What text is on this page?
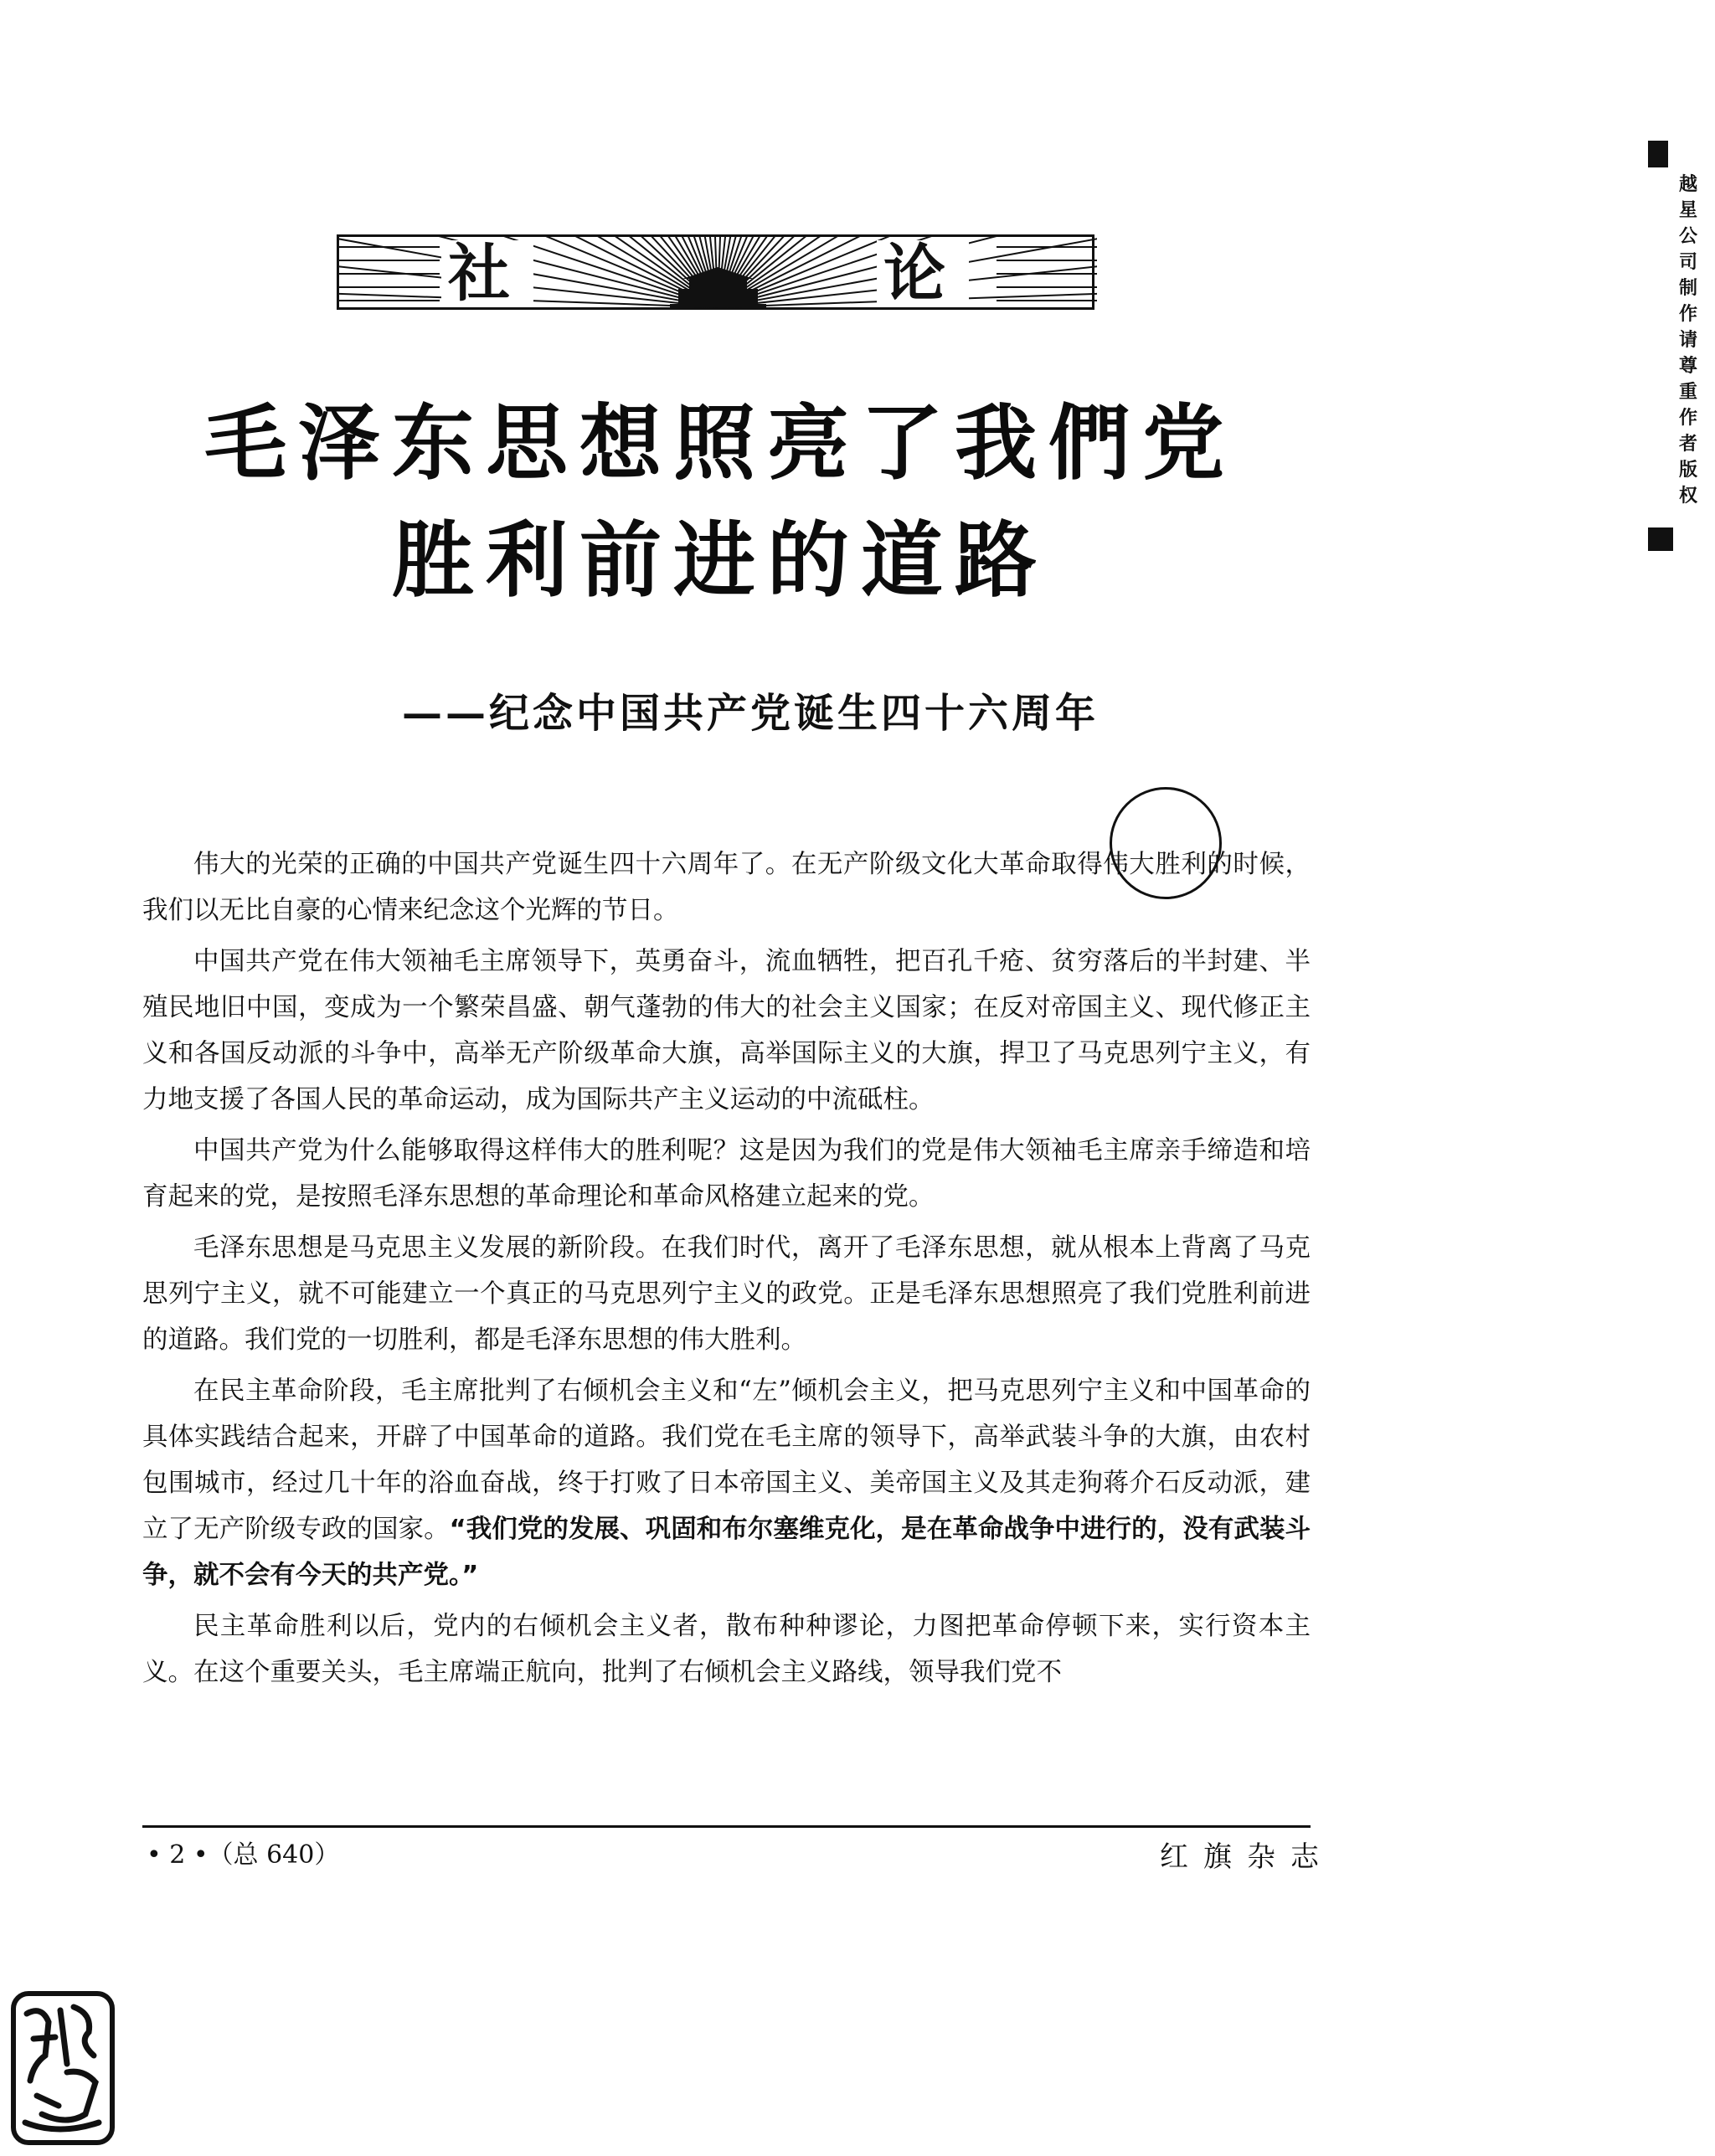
社	论
毛泽东思想照亮了我們党
胜利前进的道路
——纪念中国共产党诞生四十六周年

伟大的光荣的正确的中国共产党诞生四十六周年了。在无产阶级文化大革命取得伟大胜利的时候，我们以无比自豪的心情来纪念这个光辉的节日。

中国共产党在伟大领袖毛主席领导下，英勇奋斗，流血牺牲，把百孔千疮、贫穷落后的半封建、半殖民地旧中国，变成为一个繁荣昌盛、朝气蓬勃的伟大的社会主义国家；在反对帝国主义、现代修正主义和各国反动派的斗争中，高举无产阶级革命大旗，高举国际主义的大旗，捍卫了马克思列宁主义，有力地支援了各国人民的革命运动，成为国际共产主义运动的中流砥柱。

中国共产党为什么能够取得这样伟大的胜利呢？这是因为我们的党是伟大领袖毛主席亲手缔造和培育起来的党，是按照毛泽东思想的革命理论和革命风格建立起来的党。

毛泽东思想是马克思主义发展的新阶段。在我们时代，离开了毛泽东思想，就从根本上背离了马克思列宁主义，就不可能建立一个真正的马克思列宁主义的政党。正是毛泽东思想照亮了我们党胜利前进的道路。我们党的一切胜利，都是毛泽东思想的伟大胜利。

在民主革命阶段，毛主席批判了右倾机会主义和“左”倾机会主义，把马克思列宁主义和中国革命的具体实践结合起来，开辟了中国革命的道路。我们党在毛主席的领导下，高举武装斗争的大旗，由农村包围城市，经过几十年的浴血奋战，终于打败了日本帝国主义、美帝国主义及其走狗蒋介石反动派，建立了无产阶级专政的国家。“我们党的发展、巩固和布尔塞维克化，是在革命战争中进行的，没有武装斗争，就不会有今天的共产党。”

民主革命胜利以后，党内的右倾机会主义者，散布种种谬论，力图把革命停顿下来，实行资本主义。在这个重要关头，毛主席端正航向，批判了右倾机会主义路线，领导我们党不

• 2 •（总 640）	红旗杂志
越星公司制作请尊重作者版权
